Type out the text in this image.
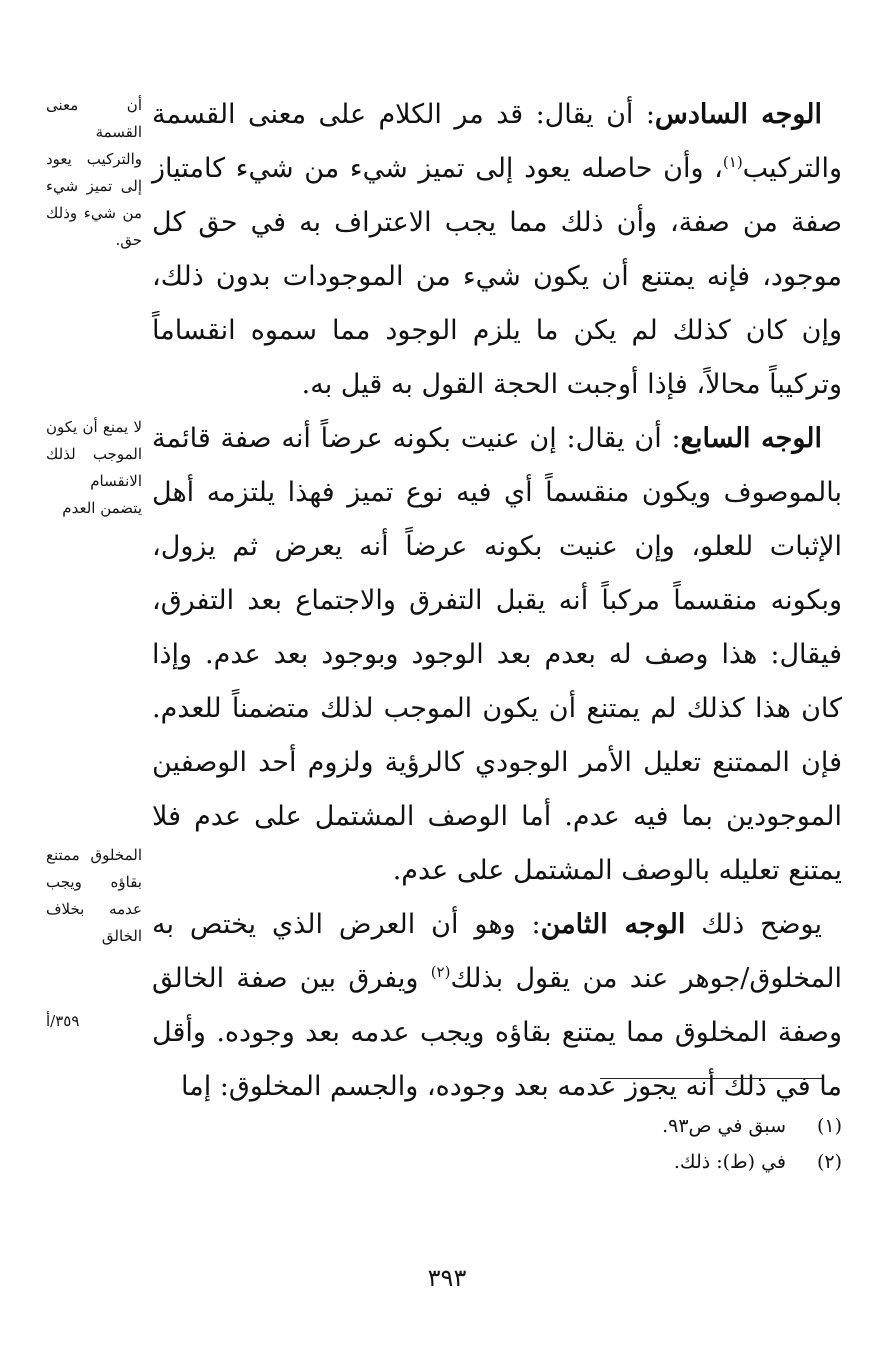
أن معنى القسمة والتركيب يعود إلى تميز شيء من شيء وذلك حق.
لا يمنع أن يكون الموجب لذلك الانقسام يتضمن العدم
المخلوق ممتنع بقاؤه ويجب عدمه بخلاف الخالق
٣٥٩/أ

الوجه السادس: أن يقال: قد مر الكلام على معنى القسمة والتركيب$^{(١)}$، وأن حاصله يعود إلى تميز شيء من شيء كامتياز صفة من صفة، وأن ذلك مما يجب الاعتراف به في حق كل موجود، فإنه يمتنع أن يكون شيء من الموجودات بدون ذلك، وإن كان كذلك لم يكن ما يلزم الوجود مما سموه انقساماً وتركيباً محالاً، فإذا أوجبت الحجة القول به قيل به.

الوجه السابع: أن يقال: إن عنيت بكونه عرضاً أنه صفة قائمة بالموصوف ويكون منقسماً أي فيه نوع تميز فهذا يلتزمه أهل الإثبات للعلو، وإن عنيت بكونه عرضاً أنه يعرض ثم يزول، وبكونه منقسماً مركباً أنه يقبل التفرق والاجتماع بعد التفرق، فيقال: هذا وصف له بعدم بعد الوجود وبوجود بعد عدم. وإذا كان هذا كذلك لم يمتنع أن يكون الموجب لذلك متضمناً للعدم. فإن الممتنع تعليل الأمر الوجودي كالرؤية ولزوم أحد الوصفين الموجودين بما فيه عدم. أما الوصف المشتمل على عدم فلا يمتنع تعليله بالوصف المشتمل على عدم.

يوضح ذلك الوجه الثامن: وهو أن العرض الذي يختص به المخلوق/جوهر عند من يقول بذلك$^{(٢)}$ ويفرق بين صفة الخالق وصفة المخلوق مما يمتنع بقاؤه ويجب عدمه بعد وجوده. وأقل ما في ذلك أنه يجوز عدمه بعد وجوده، والجسم المخلوق: إما

(١)سبق في ص٩٣.
(٢)في (ط): ذلك.
٣٩٣
